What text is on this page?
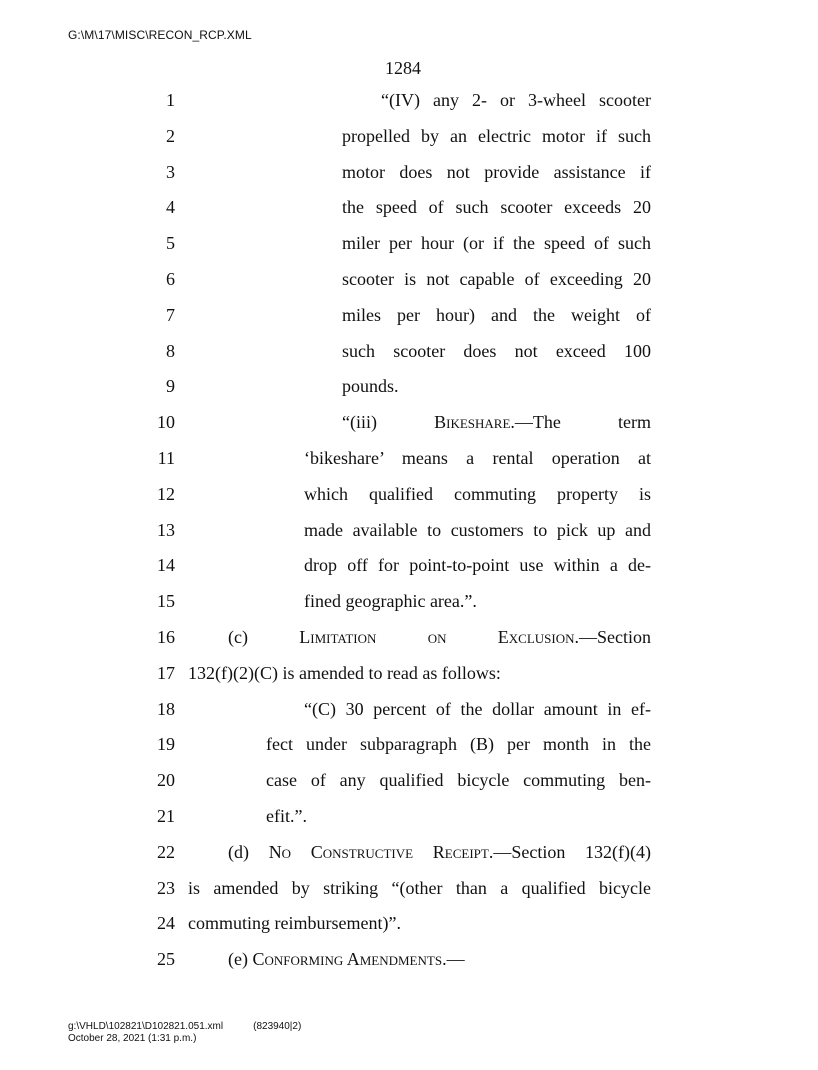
G:\M\17\MISC\RECON_RCP.XML
1284
1	“(IV) any 2- or 3-wheel scooter
2	propelled by an electric motor if such
3	motor does not provide assistance if
4	the speed of such scooter exceeds 20
5	miler per hour (or if the speed of such
6	scooter is not capable of exceeding 20
7	miles per hour) and the weight of
8	such scooter does not exceed 100
9	pounds.
10	“(iii) Bikeshare.—The term
11	‘bikeshare’ means a rental operation at
12	which qualified commuting property is
13	made available to customers to pick up and
14	drop off for point-to-point use within a de-
15	fined geographic area.”.
16	(c) Limitation on Exclusion.—Section
17 132(f)(2)(C) is amended to read as follows:
18	“(C) 30 percent of the dollar amount in ef-
19	fect under subparagraph (B) per month in the
20	case of any qualified bicycle commuting ben-
21	efit.”.
22	(d) No Constructive Receipt.—Section 132(f)(4)
23 is amended by striking “(other than a qualified bicycle
24 commuting reimbursement)”.
25	(e) Conforming Amendments.—
g:\VHLD\102821\D102821.051.xml	(823940|2)
October 28, 2021 (1:31 p.m.)
